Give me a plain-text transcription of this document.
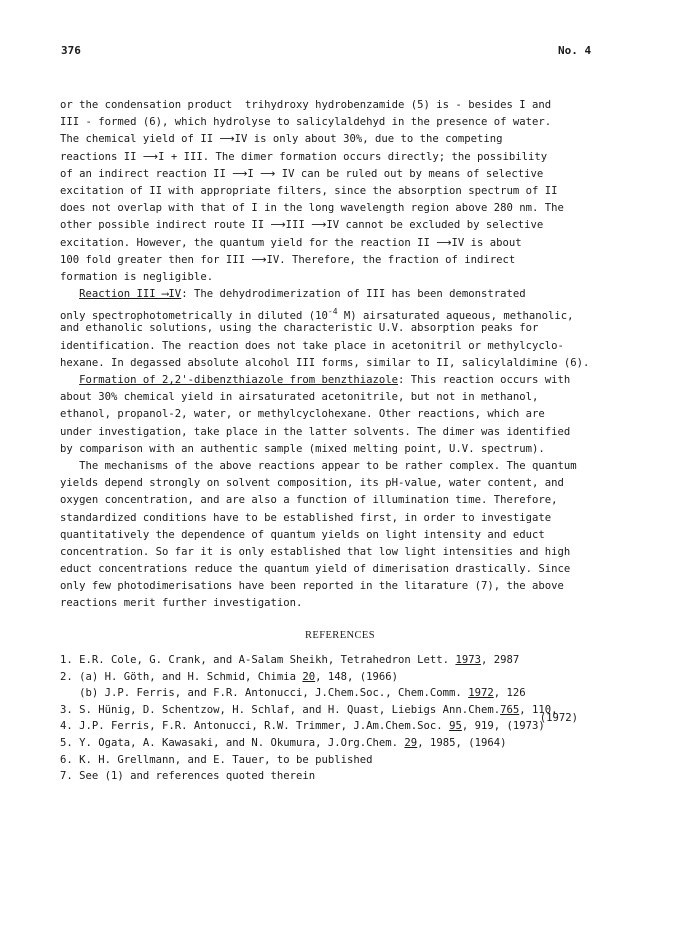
376	No. 4
or the condensation product  trihydroxy hydrobenzamide (5) is - besides I and
III - formed (6), which hydrolyse to salicylaldehyd in the presence of water.
The chemical yield of II ⟶IV is only about 30%, due to the competing
reactions II ⟶I + III. The dimer formation occurs directly; the possibility
of an indirect reaction II ⟶I ⟶ IV can be ruled out by means of selective
excitation of II with appropriate filters, since the absorption spectrum of II
does not overlap with that of I in the long wavelength region above 280 nm. The
other possible indirect route II ⟶III ⟶IV cannot be excluded by selective
excitation. However, the quantum yield for the reaction II ⟶IV is about
100 fold greater then for III ⟶IV. Therefore, the fraction of indirect
formation is negligible.
Reaction III ⟶IV: The dehydrodimerization of III has been demonstrated
only spectrophotometrically in diluted ($10^{-4}$ M) airsaturated aqueous, methanolic,
and ethanolic solutions, using the characteristic U.V. absorption peaks for
identification. The reaction does not take place in acetonitril or methylcyclo-
hexane. In degassed absolute alcohol III forms, similar to II, salicylaldimine (6).
Formation of 2,2'-dibenzthiazole from benzthiazole: This reaction occurs with
about 30% chemical yield in airsaturated acetonitrile, but not in methanol,
ethanol, propanol-2, water, or methylcyclohexane. Other reactions, which are
under investigation, take place in the latter solvents. The dimer was identified
by comparison with an authentic sample (mixed melting point, U.V. spectrum).
The mechanisms of the above reactions appear to be rather complex. The quantum
yields depend strongly on solvent composition, its pH-value, water content, and
oxygen concentration, and are also a function of illumination time. Therefore,
standardized conditions have to be established first, in order to investigate
quantitatively the dependence of quantum yields on light intensity and educt
concentration. So far it is only established that low light intensities and high
educt concentrations reduce the quantum yield of dimerisation drastically. Since
only few photodimerisations have been reported in the litarature (7), the above
reactions merit further investigation.
REFERENCES
1. E.R. Cole, G. Crank, and A-Salam Sheikh, Tetrahedron Lett. 1973, 2987
2. (a) H. Göth, and H. Schmid, Chimia 20, 148, (1966)
(b) J.P. Ferris, and F.R. Antonucci, J.Chem.Soc., Chem.Comm. 1972, 126
3. S. Hünig, D. Schentzow, H. Schlaf, and H. Quast, Liebigs Ann.Chem.765, 110,
(1972)
4. J.P. Ferris, F.R. Antonucci, R.W. Trimmer, J.Am.Chem.Soc. 95, 919, (1973)
5. Y. Ogata, A. Kawasaki, and N. Okumura, J.Org.Chem. 29, 1985, (1964)
6. K. H. Grellmann, and E. Tauer, to be published
7. See (1) and references quoted therein
